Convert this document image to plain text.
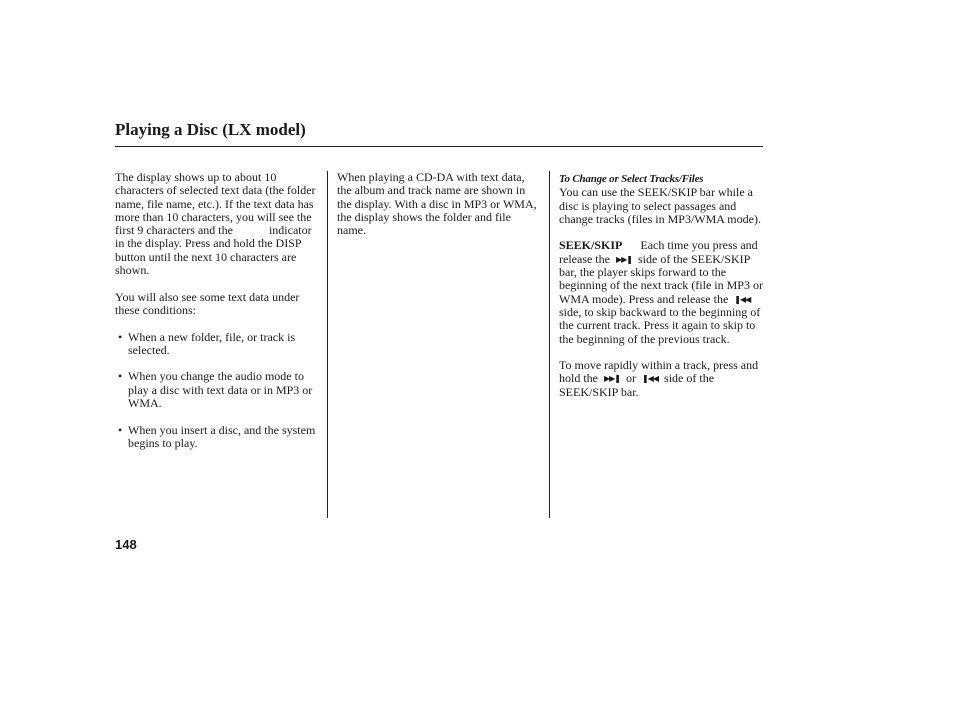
Playing a Disc (LX model)

The display shows up to about 10 characters of selected text data (the folder name, file name, etc.). If the text data has more than 10 characters, you will see the first 9 characters and the	indicator in the display. Press and hold the DISP button until the next 10 characters are shown.

You will also see some text data under these conditions:

• When a new folder, file, or track is selected.
• When you change the audio mode to play a disc with text data or in MP3 or WMA.
• When you insert a disc, and the system begins to play.

When playing a CD-DA with text data, the album and track name are shown in the display. With a disc in MP3 or WMA, the display shows the folder and file name.

To Change or Select Tracks/Files

You can use the SEEK/SKIP bar while a disc is playing to select passages and change tracks (files in MP3/WMA mode).

SEEK/SKIP Each time you press and release the ▶▶❚ side of the SEEK/SKIP bar, the player skips forward to the beginning of the next track (file in MP3 or WMA mode). Press and release the ❚◀◀ side, to skip backward to the beginning of the current track. Press it again to skip to the beginning of the previous track.

To move rapidly within a track, press and hold the ▶▶❚ or ❚◀◀ side of the SEEK/SKIP bar.

148
